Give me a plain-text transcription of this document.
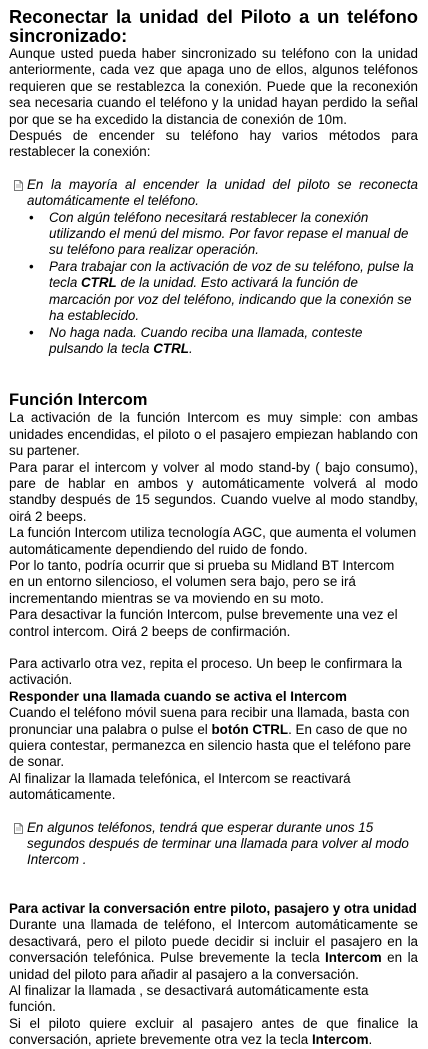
Reconectar la unidad del Piloto a un teléfono sincronizado:

Aunque usted pueda haber sincronizado su teléfono con la unidad anteriormente, cada vez que apaga uno de ellos, algunos teléfonos requieren que se restablezca la conexión. Puede que la reconexión sea necesaria cuando el teléfono y la unidad hayan perdido la señal por que se ha excedido la distancia de conexión de 10m.

Después de encender su teléfono hay varios métodos para restablecer la conexión:

En la mayoría al encender la unidad del piloto se reconecta automáticamente el teléfono.
•	Con algún teléfono necesitará restablecer la conexión utilizando el menú del mismo. Por favor repase el manual de su teléfono para realizar operación.
•	Para trabajar con la activación de voz de su teléfono, pulse la tecla CTRL de la unidad. Esto activará la función de marcación por voz del teléfono, indicando que la conexión se ha establecido.
•	No haga nada. Cuando reciba una llamada, conteste pulsando la tecla CTRL.
Función Intercom

La activación de la función Intercom es muy simple: con ambas unidades encendidas, el piloto o el pasajero empiezan hablando con su partener.

Para parar el intercom y volver al modo stand-by ( bajo consumo), pare de hablar en ambos y automáticamente volverá al modo standby después de 15 segundos. Cuando vuelve al modo standby, oirá 2 beeps.

La función Intercom utiliza tecnología AGC, que aumenta el volumen automáticamente dependiendo del ruido de fondo.

Por lo tanto, podría ocurrir que si prueba su Midland BT Intercom

en un entorno silencioso, el volumen sera bajo, pero se irá incrementando mientras se va moviendo en su moto.

Para desactivar la función Intercom, pulse brevemente una vez el control intercom. Oirá 2 beeps de confirmación.

Para activarlo otra vez, repita el proceso. Un beep le confirmara la activación.

Responder una llamada cuando se activa el Intercom

Cuando el teléfono móvil suena para recibir una llamada, basta con pronunciar una palabra o pulse el botón CTRL. En caso de que no quiera contestar, permanezca en silencio hasta que el teléfono pare de sonar.

Al finalizar la llamada telefónica, el Intercom se reactivará automáticamente.

En algunos teléfonos, tendrá que esperar durante unos 15 segundos después de terminar una llamada para volver al modo Intercom .

Para activar la conversación entre piloto, pasajero y otra unidad

Durante una llamada de teléfono, el Intercom automáticamente se desactivará, pero el piloto puede decidir si incluir el pasajero en la conversación telefónica. Pulse brevemente la tecla Intercom en la unidad del piloto para añadir al pasajero a la conversación.

Al finalizar la llamada , se desactivará automáticamente esta función.

Si el piloto quiere excluir al pasajero antes de que finalice la conversación, apriete brevemente otra vez la tecla Intercom.
